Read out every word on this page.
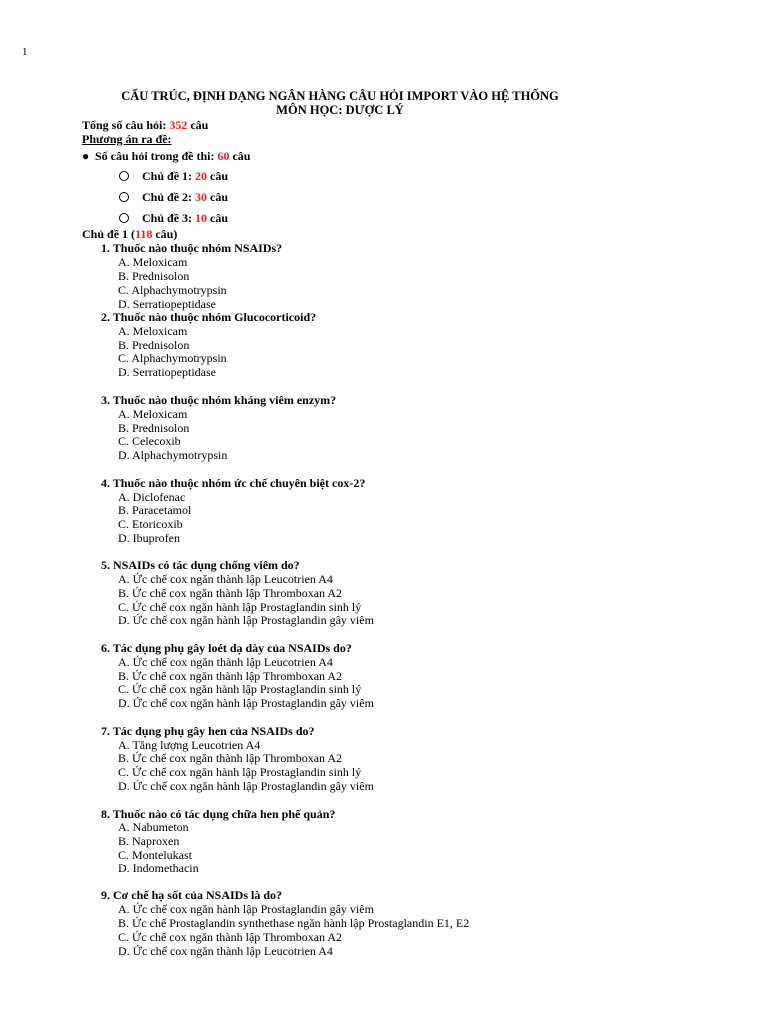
1
CẤU TRÚC, ĐỊNH DẠNG NGÂN HÀNG CÂU HỎI IMPORT VÀO HỆ THỐNG
MÔN HỌC: DƯỢC LÝ
Tổng số câu hỏi: 352 câu
Phương án ra đề:
● Số câu hỏi trong đề thi: 60 câu
Chủ đề 1: 20 câu
Chủ đề 2: 30 câu
Chủ đề 3: 10 câu
Chủ đề 1 (118 câu)
1. Thuốc nào thuộc nhóm NSAIDs?
A. Meloxicam
B. Prednisolon
C. Alphachymotrypsin
D. Serratiopeptidase
2. Thuốc nào thuộc nhóm Glucocorticoid?
A. Meloxicam
B. Prednisolon
C. Alphachymotrypsin
D. Serratiopeptidase
3. Thuốc nào thuộc nhóm kháng viêm enzym?
A. Meloxicam
B. Prednisolon
C. Celecoxib
D. Alphachymotrypsin
4. Thuốc nào thuộc nhóm ức chế chuyên biệt cox-2?
A. Diclofenac
B. Paracetamol
C. Etoricoxib
D. Ibuprofen
5. NSAIDs có tác dụng chống viêm do?
A. Ức chế cox ngăn thành lập Leucotrien A4
B. Ức chế cox ngăn thành lập Thromboxan A2
C. Ức chế cox ngăn hành lập Prostaglandin sinh lý
D. Ức chế cox ngăn hành lập Prostaglandin gây viêm
6. Tác dụng phụ gây loét dạ dày của NSAIDs do?
A. Ức chế cox ngăn thành lập Leucotrien A4
B. Ức chế cox ngăn thành lập Thromboxan A2
C. Ức chế cox ngăn hành lập Prostaglandin sinh lý
D. Ức chế cox ngăn hành lập Prostaglandin gây viêm
7. Tác dụng phụ gây hen của NSAIDs do?
A. Tăng lượng Leucotrien A4
B. Ức chế cox ngăn thành lập Thromboxan A2
C. Ức chế cox ngăn hành lập Prostaglandin sinh lý
D. Ức chế cox ngăn hành lập Prostaglandin gây viêm
8. Thuốc nào có tác dụng chữa hen phế quản?
A. Nabumeton
B. Naproxen
C. Montelukast
D. Indomethacin
9. Cơ chế hạ sốt của NSAIDs là do?
A. Ức chế cox ngăn hành lập Prostaglandin gây viêm
B. Ức chế Prostaglandin synthethase ngăn hành lập Prostaglandin E1, E2
C. Ức chế cox ngăn thành lập Thromboxan A2
D. Ức chế cox ngăn thành lập Leucotrien A4
